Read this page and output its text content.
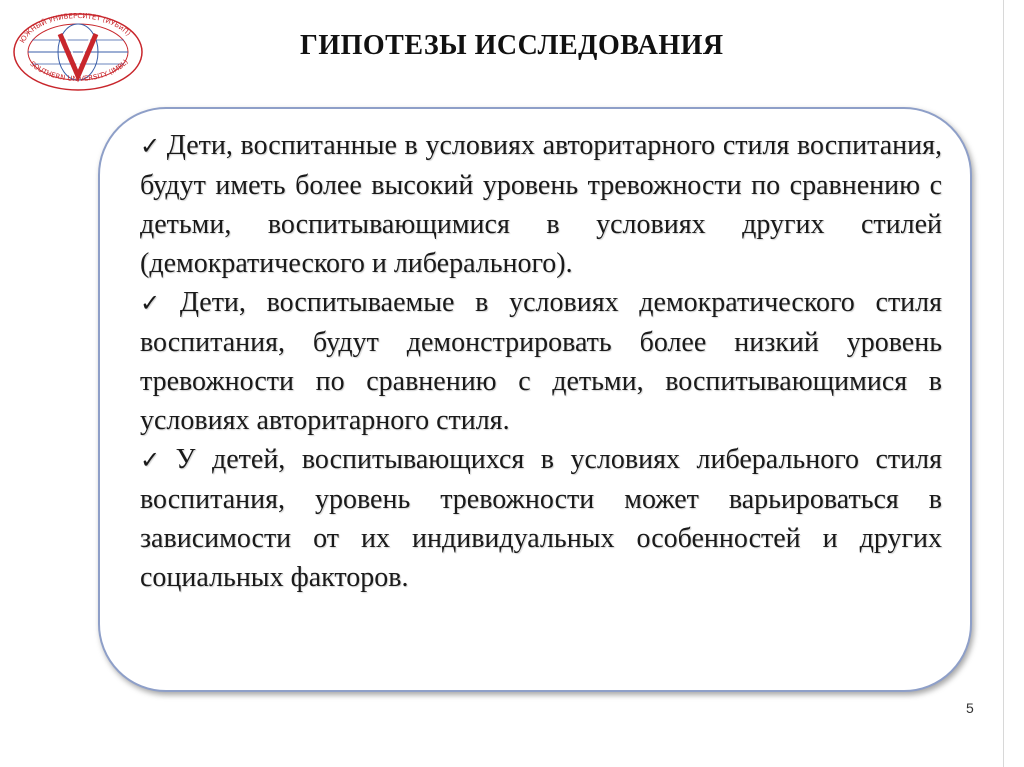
ЮЖНЫЙ УНИВЕРСИТЕТ (ИУБиП)
SOUTHERN UNIVERSITY (IMBL)
ГИПОТЕЗЫ ИССЛЕДОВАНИЯ
✓ Дети, воспитанные в условиях авторитарного стиля воспитания, будут иметь более высокий уровень тревожности по сравнению с детьми, воспитывающимися в условиях других стилей (демократического и либерального).
✓ Дети, воспитываемые в условиях демократического стиля воспитания, будут демонстрировать более низкий уровень тревожности по сравнению с детьми, воспитывающимися в условиях авторитарного стиля.
✓ У детей, воспитывающихся в условиях либерального стиля воспитания, уровень тревожности может варьироваться в зависимости от их индивидуальных особенностей и других социальных факторов.
5
